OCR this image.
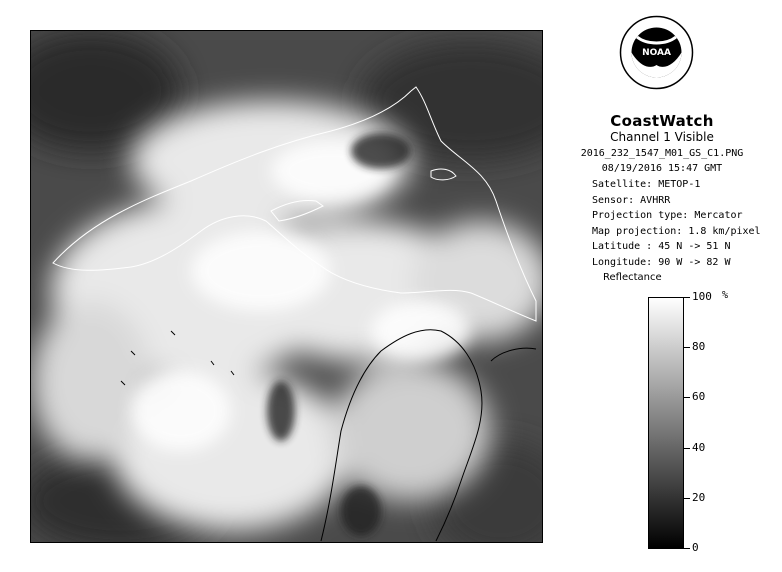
NOAA
CoastWatch
Channel 1 Visible
2016_232_1547_M01_GS_C1.PNG
08/19/2016 15:47 GMT
Satellite: METOP-1
Sensor: AVHRR
Projection type: Mercator
Map projection: 1.8 km/pixel
Latitude : 45 N -> 51 N
Longitude: 90 W -> 82 W
Reflectance
%
100
80
60
40
20
0
